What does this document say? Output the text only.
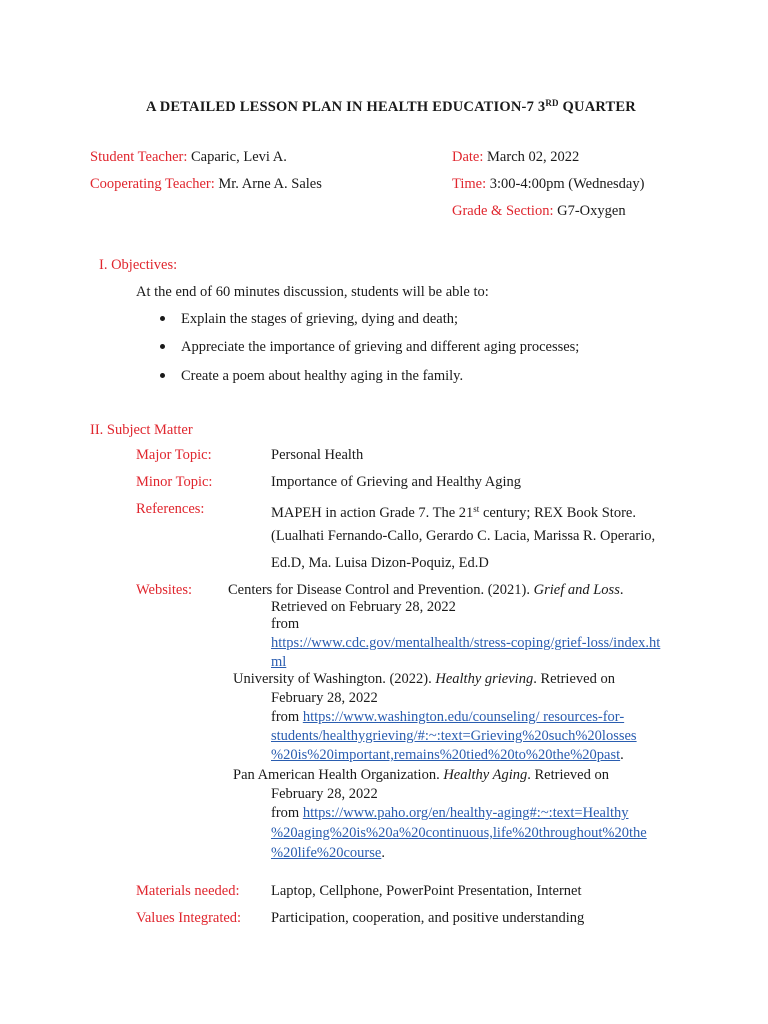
A DETAILED LESSON PLAN IN HEALTH EDUCATION-7 3RD QUARTER
Student Teacher: Caparic, Levi A.
Cooperating Teacher: Mr. Arne A. Sales
Date: March 02, 2022
Time: 3:00-4:00pm (Wednesday)
Grade & Section: G7-Oxygen
I. Objectives:
At the end of 60 minutes discussion, students will be able to:
Explain the stages of grieving, dying and death;
Appreciate the importance of grieving and different aging processes;
Create a poem about healthy aging in the family.
II. Subject Matter
Major Topic:	Personal Health
Minor Topic:	Importance of Grieving and Healthy Aging
References:	MAPEH in action Grade 7. The 21st century; REX Book Store.
(Lualhati Fernando-Callo, Gerardo C. Lacia, Marissa R. Operario,
Ed.D, Ma. Luisa Dizon-Poquiz, Ed.D
Websites: Centers for Disease Control and Prevention. (2021). Grief and Loss.
Retrieved on February 28, 2022
from
https://www.cdc.gov/mentalhealth/stress-coping/grief-loss/index.ht
ml
University of Washington. (2022). Healthy grieving. Retrieved on
February 28, 2022
from https://www.washington.edu/counseling/ resources-for-
students/healthygrieving/#:~:text=Grieving%20such%20losses
%20is%20important,remains%20tied%20to%20the%20past.
Pan American Health Organization. Healthy Aging. Retrieved on
February 28, 2022
from https://www.paho.org/en/healthy-aging#:~:text=Healthy
%20aging%20is%20a%20continuous,life%20throughout%20the
%20life%20course.
Materials needed: Laptop, Cellphone, PowerPoint Presentation, Internet
Values Integrated: Participation, cooperation, and positive understanding
